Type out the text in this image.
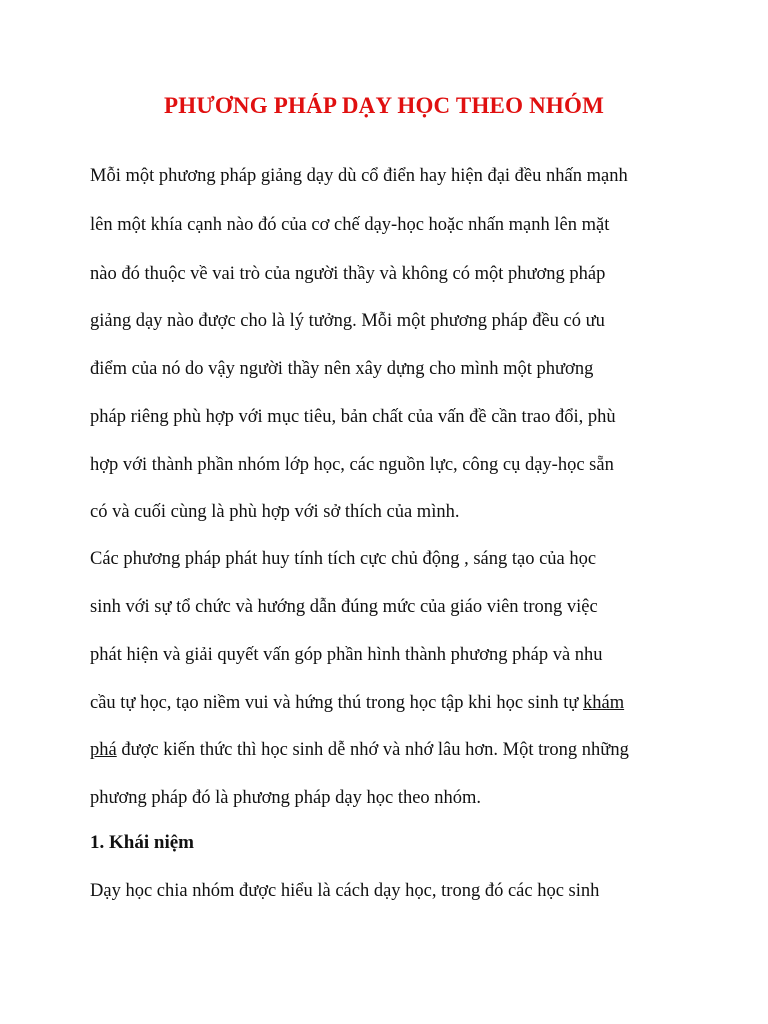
PHƯƠNG PHÁP DẠY HỌC THEO NHÓM
Mỗi một phương pháp giảng dạy dù cổ điển hay hiện đại đều nhấn mạnh
lên một khía cạnh nào đó của cơ chế dạy-học hoặc nhấn mạnh lên mặt
nào đó thuộc về vai trò của người thầy và không có một phương pháp
giảng dạy nào được cho là lý tưởng. Mỗi một phương pháp đều có ưu
điểm của nó do vậy người thầy nên xây dựng cho mình một phương
pháp riêng phù hợp với mục tiêu, bản chất của vấn đề cần trao đổi, phù
hợp với thành phần nhóm lớp học, các nguồn lực, công cụ dạy-học sẵn
có và cuối cùng là phù hợp với sở thích của mình.
Các phương pháp phát huy tính tích cực chủ động , sáng tạo của học
sinh với sự tổ chức và hướng dẫn đúng mức của giáo viên trong việc
phát hiện và giải quyết vấn góp phần hình thành phương pháp và nhu
cầu tự học, tạo niềm vui và hứng thú trong học tập khi học sinh tự khám
phá được kiến thức thì học sinh dễ nhớ và nhớ lâu hơn. Một trong những
phương pháp đó là phương pháp dạy học theo nhóm.
1. Khái niệm
Dạy học chia nhóm được hiểu là cách dạy học, trong đó các học sinh
